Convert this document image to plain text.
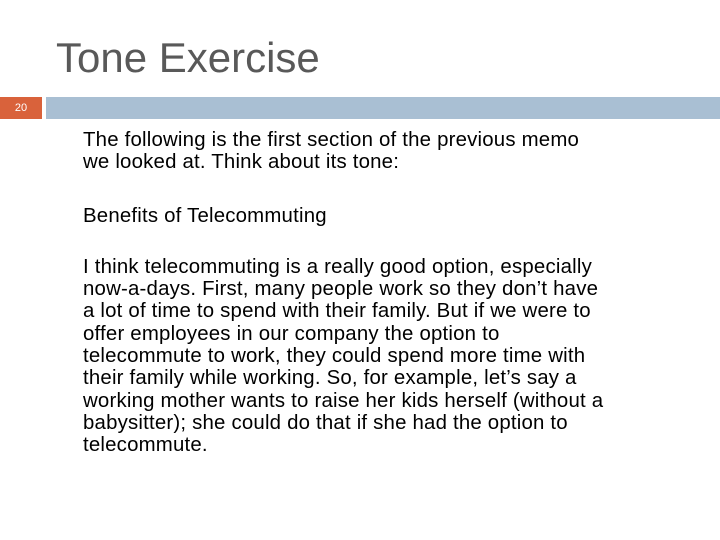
Tone Exercise
20

The following is the first section of the previous memo
we looked at. Think about its tone:

Benefits of Telecommuting

I think telecommuting is a really good option, especially
now-a-days. First, many people work so they don’t have
a lot of time to spend with their family. But if we were to
offer employees in our company the option to
telecommute to work, they could spend more time with
their family while working. So, for example, let’s say a
working mother wants to raise her kids herself (without a
babysitter); she could do that if she had the option to
telecommute.
